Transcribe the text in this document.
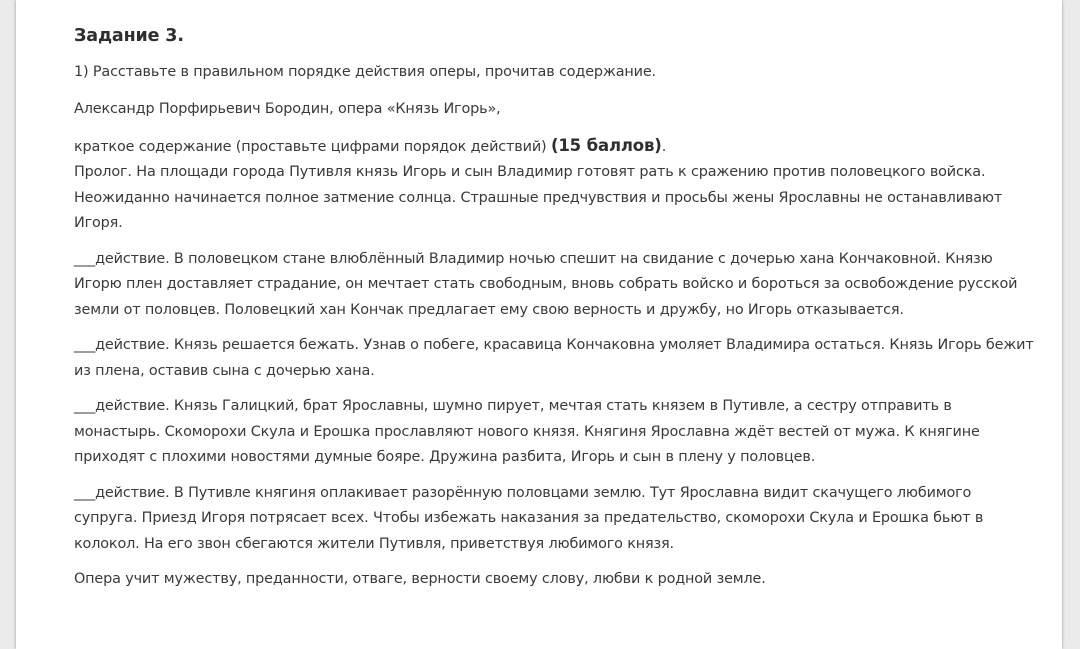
Задание 3.

1) Расставьте в правильном порядке действия оперы, прочитав содержание.

Александр Порфирьевич Бородин, опера «Князь Игорь»,

краткое содержание (проставьте цифрами порядок действий) (15 баллов).

Пролог. На площади города Путивля князь Игорь и сын Владимир готовят рать к сражению против половецкого войска. Неожиданно начинается полное затмение солнца. Страшные предчувствия и просьбы жены Ярославны не останавливают Игоря.

___действие. В половецком стане влюблённый Владимир ночью спешит на свидание с дочерью хана Кончаковной. Князю Игорю плен доставляет страдание, он мечтает стать свободным, вновь собрать войско и бороться за освобождение русской земли от половцев. Половецкий хан Кончак предлагает ему свою верность и дружбу, но Игорь отказывается.

___действие. Князь решается бежать. Узнав о побеге, красавица Кончаковна умоляет Владимира остаться. Князь Игорь бежит из плена, оставив сына с дочерью хана.

___действие. Князь Галицкий, брат Ярославны, шумно пирует, мечтая стать князем в Путивле, а сестру отправить в монастырь. Скоморохи Скула и Ерошка прославляют нового князя. Княгиня Ярославна ждёт вестей от мужа. К княгине приходят с плохими новостями думные бояре. Дружина разбита, Игорь и сын в плену у половцев.

___действие. В Путивле княгиня оплакивает разорённую половцами землю. Тут Ярославна видит скачущего любимого супруга. Приезд Игоря потрясает всех. Чтобы избежать наказания за предательство, скоморохи Скула и Ерошка бьют в колокол. На его звон сбегаются жители Путивля, приветствуя любимого князя.

Опера учит мужеству, преданности, отваге, верности своему слову, любви к родной земле.
